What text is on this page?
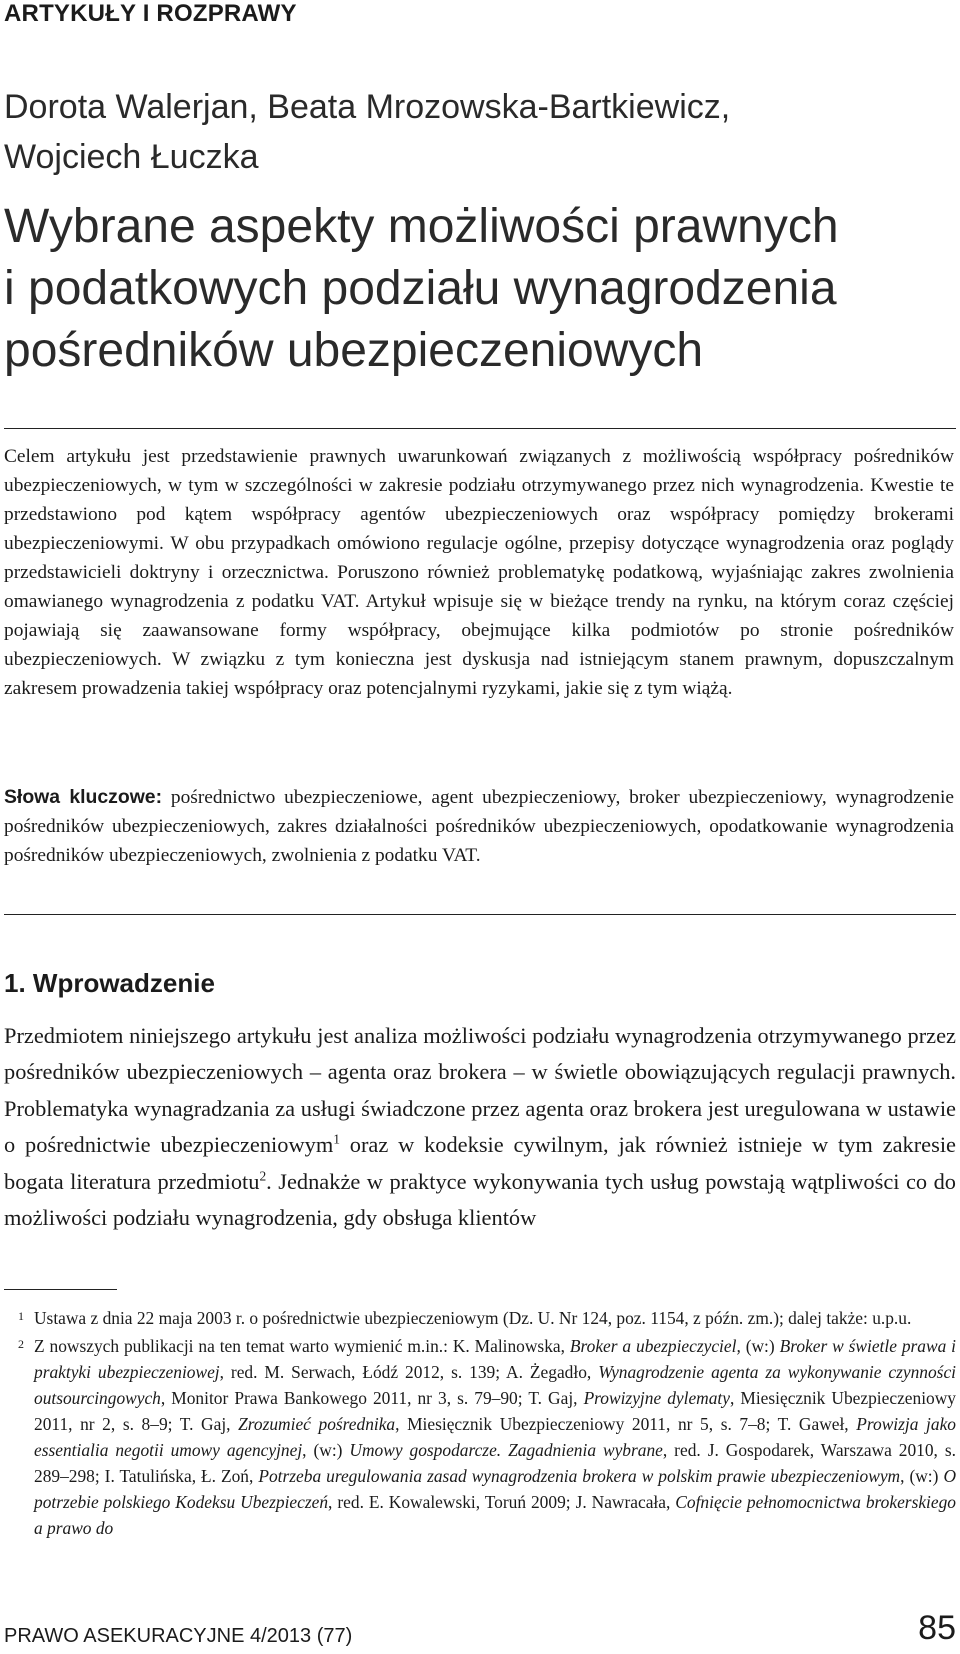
ARTYKUŁY I ROZPRAWY
Dorota Walerjan, Beata Mrozowska-Bartkiewicz,
Wojciech Łuczka
Wybrane aspekty możliwości prawnych
i podatkowych podziału wynagrodzenia
pośredników ubezpieczeniowych
Celem artykułu jest przedstawienie prawnych uwarunkowań związanych z możliwością współpracy pośredników ubezpieczeniowych, w tym w szczególności w zakresie podziału otrzymywanego przez nich wynagrodzenia. Kwestie te przedstawiono pod kątem współpracy agentów ubezpieczeniowych oraz współpracy pomiędzy brokerami ubezpieczeniowymi. W obu przypadkach omówiono regulacje ogólne, przepisy dotyczące wynagrodzenia oraz poglądy przedstawicieli doktryny i orzecznictwa. Poruszono również problematykę podatkową, wyjaśniając zakres zwolnienia omawianego wynagrodzenia z podatku VAT. Artykuł wpisuje się w bieżące trendy na rynku, na którym coraz częściej pojawiają się zaawansowane formy współpracy, obejmujące kilka podmiotów po stronie pośredników ubezpieczeniowych. W związku z tym konieczna jest dyskusja nad istniejącym stanem prawnym, dopuszczalnym zakresem prowadzenia takiej współpracy oraz potencjalnymi ryzykami, jakie się z tym wiążą.
Słowa kluczowe: pośrednictwo ubezpieczeniowe, agent ubezpieczeniowy, broker ubezpieczeniowy, wynagrodzenie pośredników ubezpieczeniowych, zakres działalności pośredników ubezpieczeniowych, opodatkowanie wynagrodzenia pośredników ubezpieczeniowych, zwolnienia z podatku VAT.
1. Wprowadzenie
Przedmiotem niniejszego artykułu jest analiza możliwości podziału wynagrodzenia otrzymywanego przez pośredników ubezpieczeniowych – agenta oraz brokera – w świetle obowiązujących regulacji prawnych. Problematyka wynagradzania za usługi świadczone przez agenta oraz brokera jest uregulowana w ustawie o pośrednictwie ubezpieczeniowym$^1$ oraz w kodeksie cywilnym, jak również istnieje w tym zakresie bogata literatura przedmiotu$^2$. Jednakże w praktyce wykonywania tych usług powstają wątpliwości co do możliwości podziału wynagrodzenia, gdy obsługa klientów
1 Ustawa z dnia 22 maja 2003 r. o pośrednictwie ubezpieczeniowym (Dz. U. Nr 124, poz. 1154, z późn. zm.); dalej także: u.p.u.
2 Z nowszych publikacji na ten temat warto wymienić m.in.: K. Malinowska, Broker a ubezpieczyciel, (w:) Broker w świetle prawa i praktyki ubezpieczeniowej, red. M. Serwach, Łódź 2012, s. 139; A. Żegadło, Wynagrodzenie agenta za wykonywanie czynności outsourcingowych, Monitor Prawa Bankowego 2011, nr 3, s. 79–90; T. Gaj, Prowizyjne dylematy, Miesięcznik Ubezpieczeniowy 2011, nr 2, s. 8–9; T. Gaj, Zrozumieć pośrednika, Miesięcznik Ubezpieczeniowy 2011, nr 5, s. 7–8; T. Gaweł, Prowizja jako essentialia negotii umowy agencyjnej, (w:) Umowy gospodarcze. Zagadnienia wybrane, red. J. Gospodarek, Warszawa 2010, s. 289–298; I. Tatulińska, Ł. Zoń, Potrzeba uregulowania zasad wynagrodzenia brokera w polskim prawie ubezpieczeniowym, (w:) O potrzebie polskiego Kodeksu Ubezpieczeń, red. E. Kowalewski, Toruń 2009; J. Nawracała, Cofnięcie pełnomocnictwa brokerskiego a prawo do
PRAWO ASEKURACYJNE 4/2013 (77)	85
